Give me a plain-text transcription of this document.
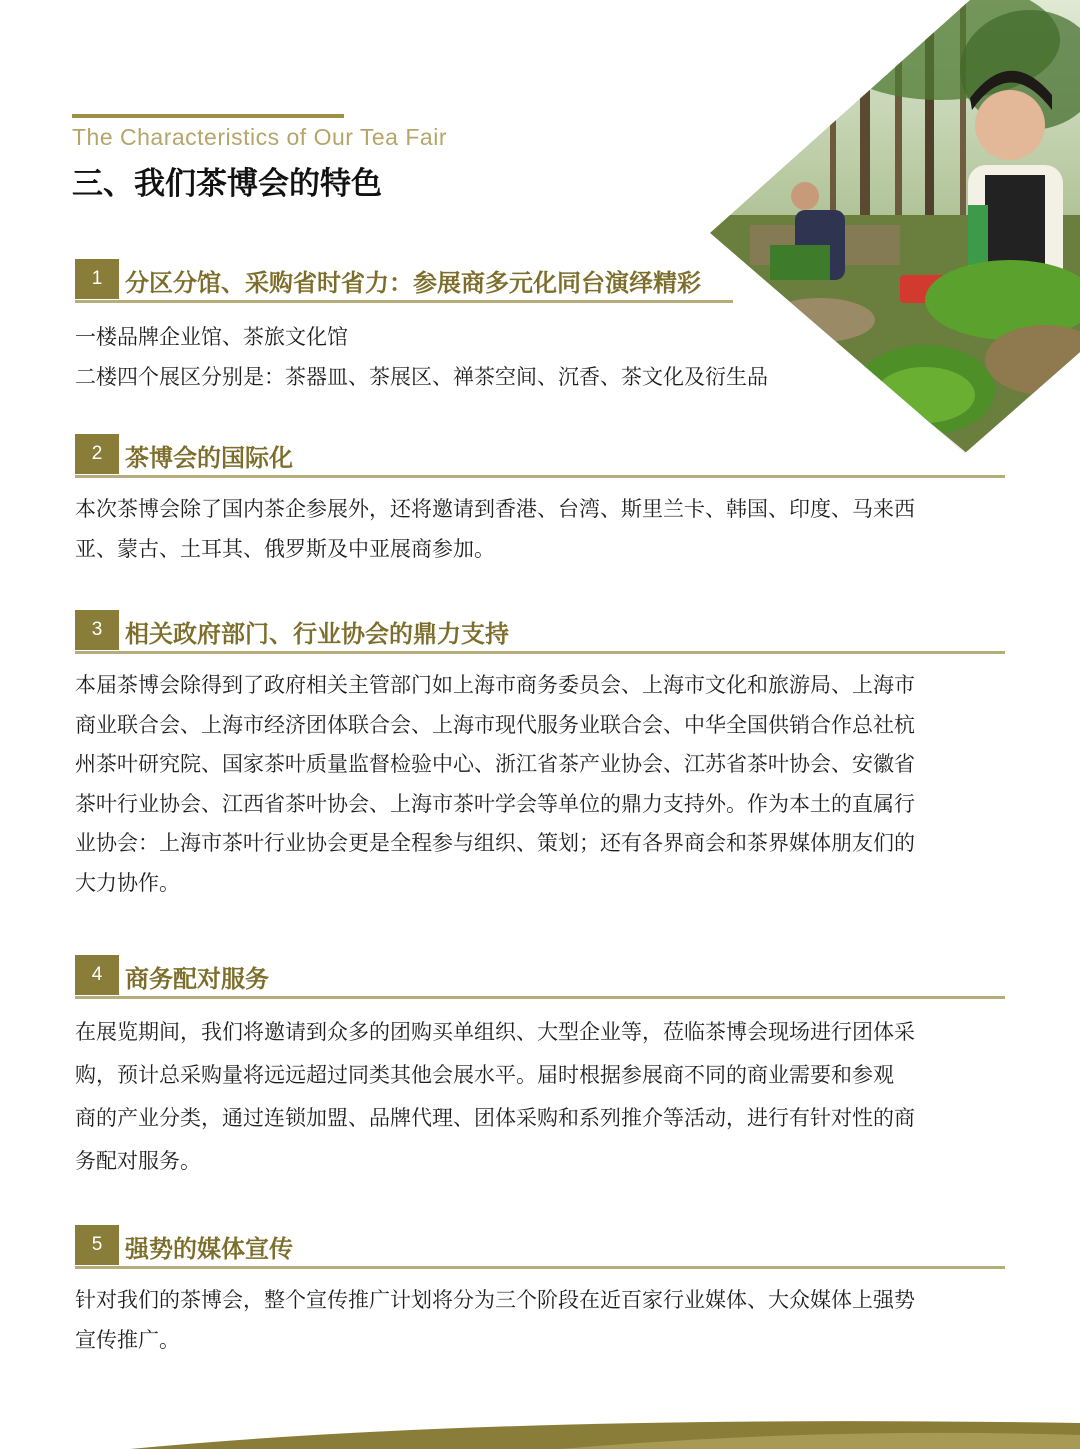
The Characteristics of Our Tea Fair
三、我们茶博会的特色
1 分区分馆、采购省时省力：参展商多元化同台演绎精彩

一楼品牌企业馆、茶旅文化馆

二楼四个展区分别是：茶器皿、茶展区、禅茶空间、沉香、茶文化及衍生品

2 茶博会的国际化

本次茶博会除了国内茶企参展外，还将邀请到香港、台湾、斯里兰卡、韩国、印度、马来西

亚、蒙古、土耳其、俄罗斯及中亚展商参加。

3 相关政府部门、行业协会的鼎力支持

本届茶博会除得到了政府相关主管部门如上海市商务委员会、上海市文化和旅游局、上海市

商业联合会、上海市经济团体联合会、上海市现代服务业联合会、中华全国供销合作总社杭

州茶叶研究院、国家茶叶质量监督检验中心、浙江省茶产业协会、江苏省茶叶协会、安徽省

茶叶行业协会、江西省茶叶协会、上海市茶叶学会等单位的鼎力支持外。作为本土的直属行

业协会：上海市茶叶行业协会更是全程参与组织、策划；还有各界商会和茶界媒体朋友们的

大力协作。

4 商务配对服务

在展览期间，我们将邀请到众多的团购买单组织、大型企业等，莅临茶博会现场进行团体采

购，预计总采购量将远远超过同类其他会展水平。届时根据参展商不同的商业需要和参观

商的产业分类，通过连锁加盟、品牌代理、团体采购和系列推介等活动，进行有针对性的商

务配对服务。

5 强势的媒体宣传

针对我们的茶博会，整个宣传推广计划将分为三个阶段在近百家行业媒体、大众媒体上强势

宣传推广。
